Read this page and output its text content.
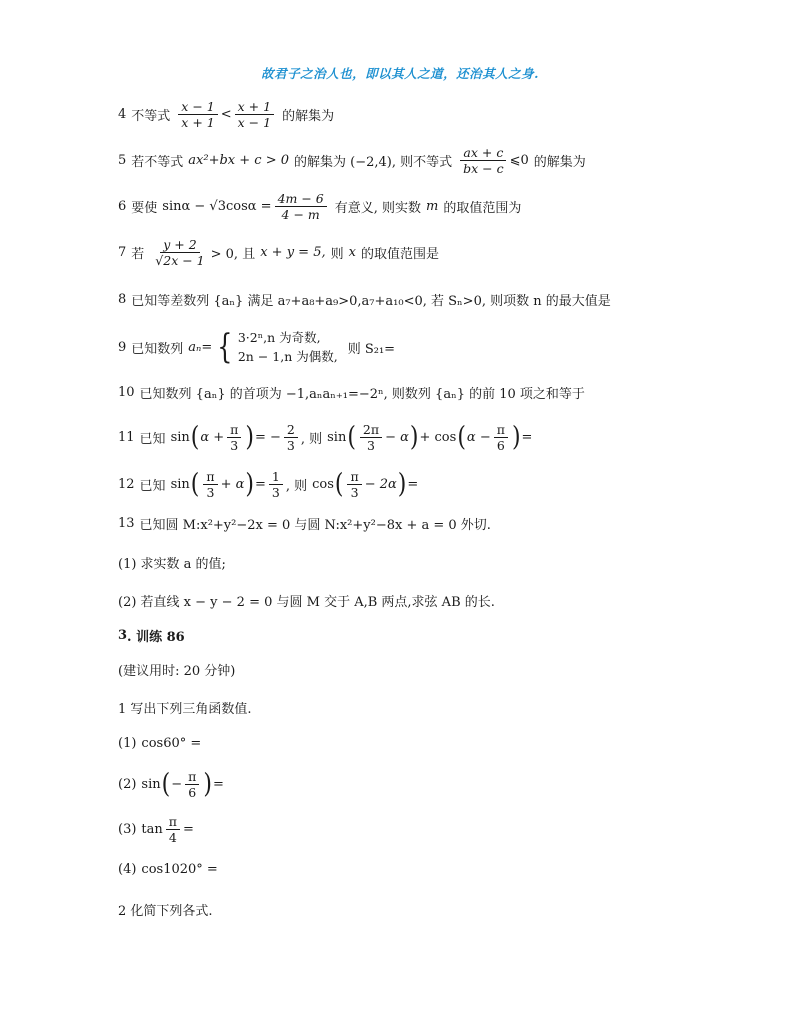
故君子之治人也，即以其人之道，还治其人之身.
4 不等式 $\frac{x - 1}{x + 1} < \frac{x + 1}{x - 1}$ 的解集为
5 若不等式 ax²+bx + c > 0 的解集为 (−2,4), 则不等式 $\frac{ax + c}{bx - c}$ ⩽0 的解集为
6 要使 $\sin\alpha - √3\cos\alpha = \frac{4m - 6}{4 - m}$ 有意义, 则实数 m 的取值范围为
7 若 $\frac{y + 2}{√2x - 1} > 0$, 且 x + y = 5, 则 x 的取值范围是
8 已知等差数列 {aₙ} 满足 a₇+a₈+a₉>0,a₇+a₁₀<0, 若 Sₙ>0, 则项数 n 的最大值是
9 已知数列 aₙ= { 3·2ⁿ,n 为奇数,
2n − 1,n 为偶数, 则 S₂₁=
10 已知数列 {aₙ} 的首项为 −1,aₙaₙ₊₁=−2ⁿ, 则数列 {aₙ} 的前 10 项之和等于
11 已知 sin ( $\alpha + \frac{\pi}{3}$ ) = − $\frac{2}{3}$ , 则 sin ( $\frac{2\pi}{3} - \alpha$ ) + cos ( $\alpha - \frac{\pi}{6}$ ) =
12 已知 sin ( $\frac{\pi}{3} + \alpha$ ) = $\frac{1}{3}$ , 则 cos ( $\frac{\pi}{3} - 2\alpha$ ) =
13 已知圆 M:x²+y²−2x = 0 与圆 N:x²+y²−8x + a = 0 外切.
(1) 求实数 a 的值;
(2) 若直线 x − y − 2 = 0 与圆 M 交于 A,B 两点,求弦 AB 的长.
3 . 训练 86
(建议用时: 20 分钟)
1 写出下列三角函数值.
(1) cos60° =
(2) sin ( − $\frac{\pi}{6}$ ) =
(3) $\tan \frac{\pi}{4}$ =
(4) cos1020° =
2 化简下列各式.
